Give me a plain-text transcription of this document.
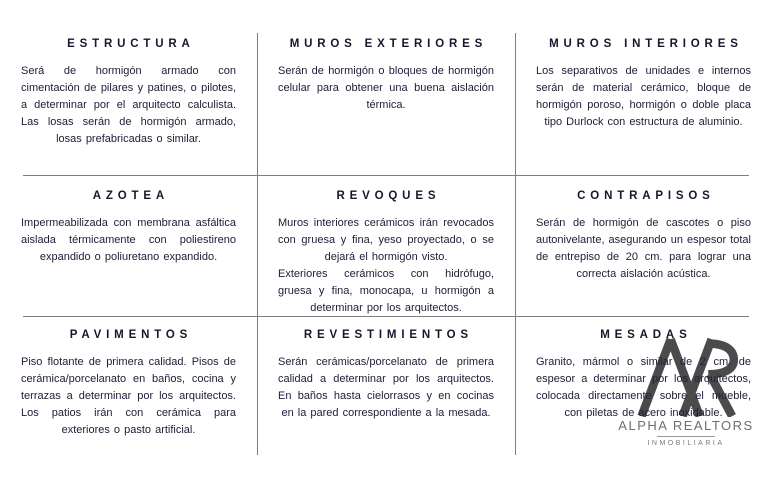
ALPHA REALTORS
INMOBILIARIA
ESTRUCTURA

Será de hormigón armado con cimentación de pilares y patines, o pilotes, a determinar por el arquitecto calculista. Las losas serán de hormigón armado, losas prefabricadas o similar.

MUROS EXTERIORES

Serán de hormigón o bloques de hormigón celular para obtener una buena aislación térmica.

MUROS INTERIORES

Los separativos de unidades e internos serán de material cerámico, bloque de hormigón poroso, hormigón o doble placa tipo Durlock con estructura de aluminio.

AZOTEA

Impermeabilizada con membrana asfáltica aislada térmicamente con poliestireno expandido o poliuretano expandido.

REVOQUES

Muros interiores cerámicos irán revocados con gruesa y fina, yeso proyectado, o se dejará el hormigón visto.

Exteriores cerámicos con hidrófugo, gruesa y fina, monocapa, u hormigón a determinar por los arquitectos.

CONTRAPISOS

Serán de hormigón de cascotes o piso autonivelante, asegurando un espesor total de entrepiso de 20 cm. para lograr una correcta aislación acústica.

PAVIMENTOS

Piso flotante de primera calidad. Pisos de cerámica/porcelanato en baños, cocina y terrazas a determinar por los arquitectos. Los patios irán con cerámica para exteriores o pasto artificial.

REVESTIMIENTOS

Serán cerámicas/porcelanato de primera calidad a determinar por los arquitectos. En baños hasta cielorrasos y en cocinas en la pared correspondiente a la mesada.

MESADAS

Granito, mármol o similar de 2 cm. de espesor a determinar por los arquitectos, colocada directamente sobre el mueble, con piletas de acero inoxidable.
